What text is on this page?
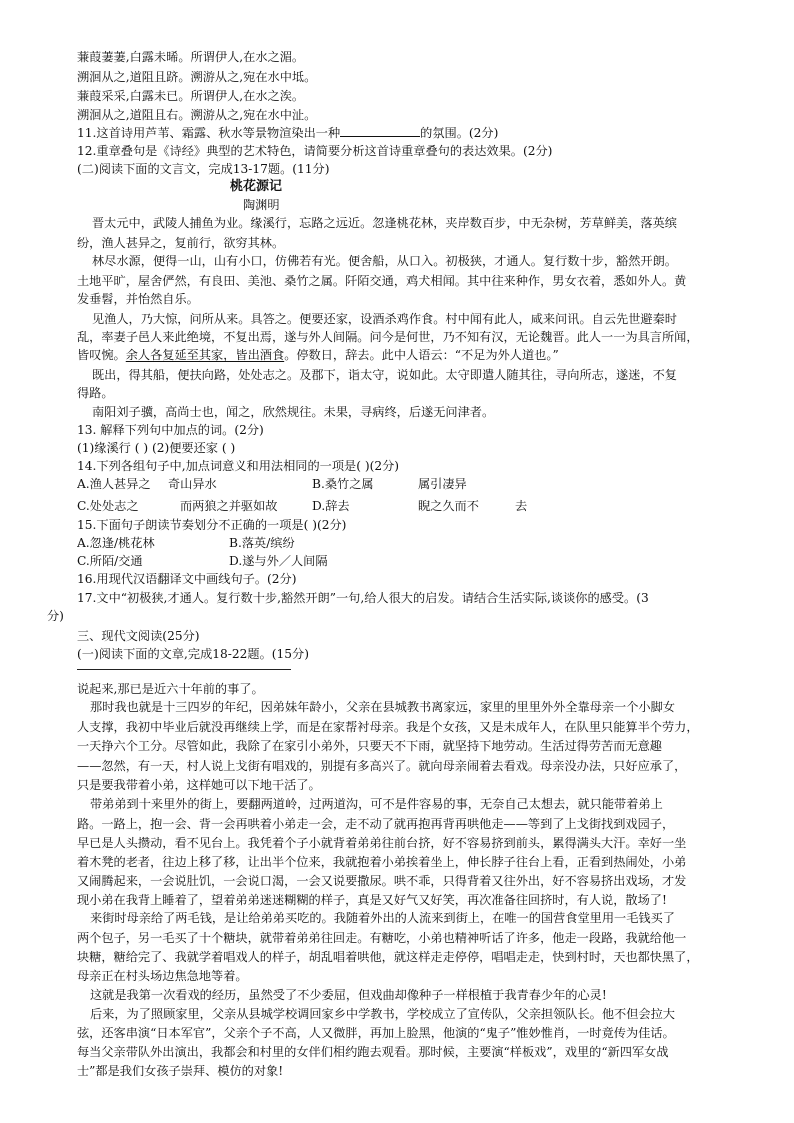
蒹葭萋萋,白露未晞。所谓伊人,在水之湄。
溯洄从之,道阻且跻。溯游从之,宛在水中坻。
蒹葭采采,白露未已。所谓伊人,在水之涘。
溯洄从之,道阻且右。溯游从之,宛在水中沚。
11.这首诗用芦苇、霜露、秋水等景物渲染出一种	的氛围。(2分)
12.重章叠句是《诗经》典型的艺术特色，请简要分析这首诗重章叠句的表达效果。(2分)
(二)阅读下面的文言文，完成13-17题。(11分)
桃花源记
陶渊明
晋太元中，武陵人捕鱼为业。缘溪行，忘路之远近。忽逢桃花林，夹岸数百步，中无杂树，芳草鲜美，落英缤
纷，渔人甚异之，复前行，欲穷其林。
林尽水源，便得一山，山有小口，仿佛若有光。便舍船，从口入。初极狭，才通人。复行数十步，豁然开朗。
土地平旷，屋舍俨然，有良田、美池、桑竹之属。阡陌交通，鸡犬相闻。其中往来种作，男女衣着，悉如外人。黄
发垂髫，并怡然自乐。
见渔人，乃大惊，问所从来。具答之。便要还家，设酒杀鸡作食。村中闻有此人，咸来问讯。自云先世避秦时
乱，率妻子邑人来此绝境，不复出焉，遂与外人间隔。问今是何世，乃不知有汉，无论魏晋。此人一一为具言所闻，
皆叹惋。余人各复延至其家，皆出酒食。停数日，辞去。此中人语云：“不足为外人道也。”
既出，得其船，便扶向路，处处志之。及郡下，诣太守，说如此。太守即遣人随其往，寻向所志，遂迷，不复
得路。
南阳刘子骥，高尚士也，闻之，欣然规往。未果，寻病终，后遂无问津者。
13. 解释下列句中加点的词。(2分)
(1)缘溪行 ( ) (2)便要还家 ( )
14.下列各组句子中,加点词意义和用法相同的一项是( )(2分)
A.渔人甚异之 奇山异水	B.桑竹之属	属引凄异
C.处处志之	而两狼之并驱如故	D.辞去	睨之久而不	去
15.下面句子朗读节奏划分不正确的一项是( )(2分)
A.忽逢/桃花林	B.落英/缤纷
C.所陌/交通	D.遂与外／人间隔
16.用现代汉语翻译文中画线句子。(2分)
17.文中“初极狭,才通人。复行数十步,豁然开朗”一句,给人很大的启发。请结合生活实际,谈谈你的感受。(3
分)
三、现代文阅读(25分)
(一)阅读下面的文章,完成18-22题。(15分)
说起来,那已是近六十年前的事了。
那时我也就是十三四岁的年纪，因弟妹年龄小，父亲在县城教书离家远，家里的里里外外全靠母亲一个小脚女
人支撑，我初中毕业后就没再继续上学，而是在家帮衬母亲。我是个女孩，又是未成年人，在队里只能算半个劳力，
一天挣六个工分。尽管如此，我除了在家引小弟外，只要天不下雨，就坚持下地劳动。生活过得劳苦而无意趣
——忽然，有一天，村人说上戈街有唱戏的，别提有多高兴了。就向母亲闹着去看戏。母亲没办法，只好应承了，
只是要我带着小弟，这样她可以下地干活了。
带弟弟到十来里外的街上，要翻两道岭，过两道沟，可不是件容易的事，无奈自己太想去，就只能带着弟上
路。一路上，抱一会、背一会再哄着小弟走一会，走不动了就再抱再背再哄他走——等到了上戈街找到戏园子，
早已是人头攒动，看不见台上。我凭着个子小就背着弟弟往前台挤，好不容易挤到前头，累得满头大汗。幸好一坐
着木凳的老者，往边上移了移，让出半个位来，我就抱着小弟挨着坐上，伸长脖子往台上看，正看到热闹处，小弟
又闹腾起来，一会说肚饥，一会说口渴，一会又说要撒尿。哄不乖，只得背着又往外出，好不容易挤出戏场，才发
现小弟在我背上睡着了，望着弟弟迷迷糊糊的样子，真是又好气又好笑，再次准备往回挤时，有人说，散场了!
来街时母亲给了两毛钱，是让给弟弟买吃的。我随着外出的人流来到街上，在唯一的国营食堂里用一毛钱买了
两个包子，另一毛买了十个糖块，就带着弟弟往回走。有糖吃，小弟也精神听话了许多，他走一段路，我就给他一
块糖，糖给完了、我就学着唱戏人的样子，胡乱唱着哄他，就这样走走停停，唱唱走走，快到村时，天也都快黑了，
母亲正在村头场边焦急地等着。
这就是我第一次看戏的经历，虽然受了不少委屈，但戏曲却像种子一样根植于我青春少年的心灵!
后来，为了照顾家里，父亲从县城学校调回家乡中学教书，学校成立了宣传队，父亲担领队长。他不但会拉大
弦，还客串演“日本军官”，父亲个子不高，人又微胖，再加上脸黑，他演的“鬼子”惟妙惟肖，一时竟传为佳话。
每当父亲带队外出演出，我都会和村里的女伴们相约跑去观看。那时候，主要演“样板戏”，戏里的“新四军女战
士”都是我们女孩子崇拜、模仿的对象!
